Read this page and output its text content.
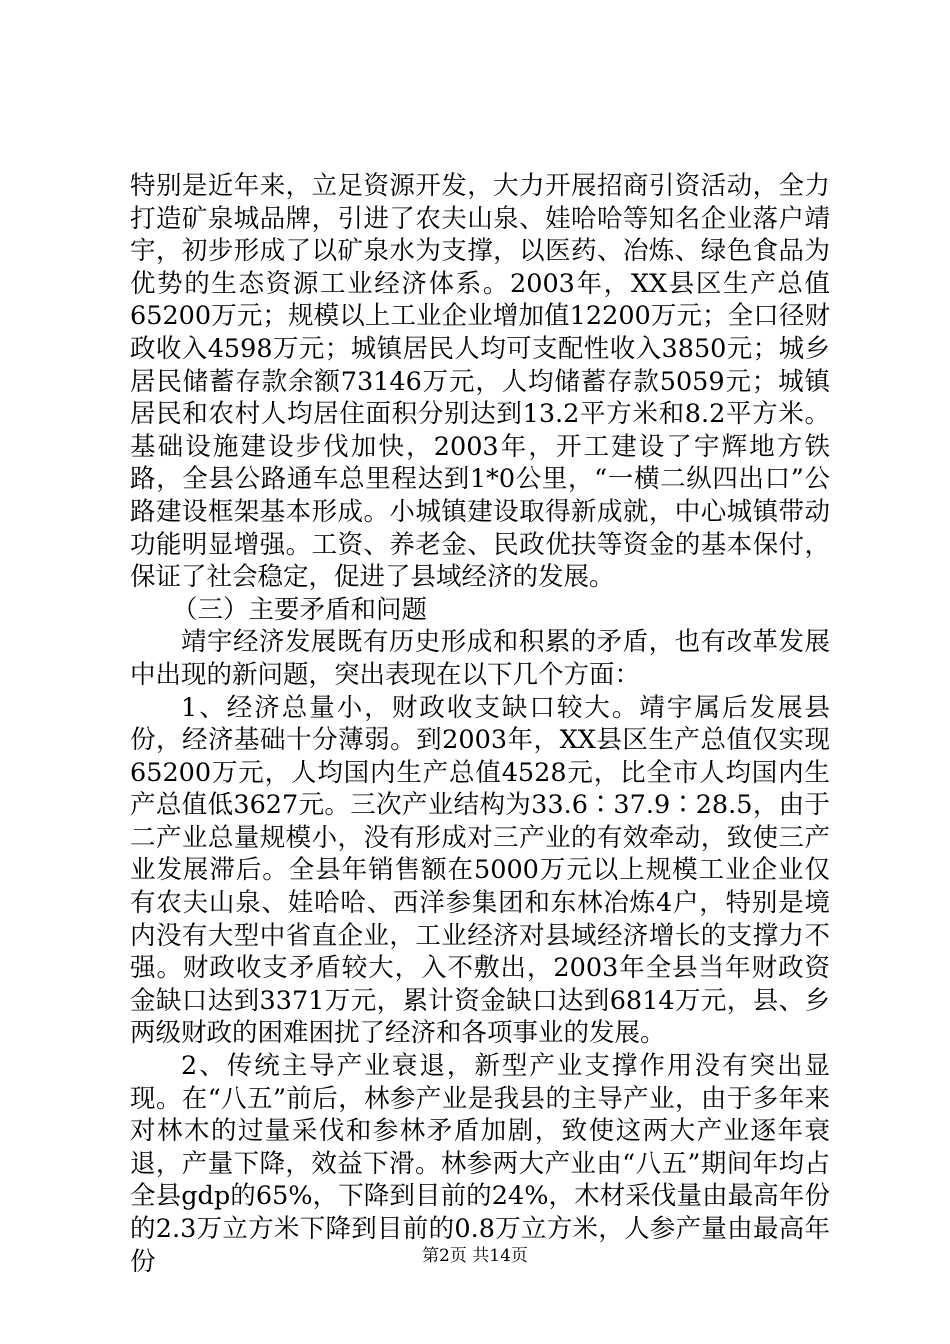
特别是近年来，立足资源开发，大力开展招商引资活动，全力打造矿泉城品牌，引进了农夫山泉、娃哈哈等知名企业落户靖宇，初步形成了以矿泉水为支撑，以医药、冶炼、绿色食品为优势的生态资源工业经济体系。2003年，XX县区生产总值65200万元；规模以上工业企业增加值12200万元；全口径财政收入4598万元；城镇居民人均可支配性收入3850元；城乡居民储蓄存款余额73146万元，人均储蓄存款5059元；城镇居民和农村人均居住面积分别达到13.2平方米和8.2平方米。基础设施建设步伐加快，2003年，开工建设了宇辉地方铁路，全县公路通车总里程达到1*0公里，“一横二纵四出口”公路建设框架基本形成。小城镇建设取得新成就，中心城镇带动功能明显增强。工资、养老金、民政优扶等资金的基本保付，保证了社会稳定，促进了县域经济的发展。

（三）主要矛盾和问题

靖宇经济发展既有历史形成和积累的矛盾，也有改革发展中出现的新问题，突出表现在以下几个方面：

1、经济总量小，财政收支缺口较大。靖宇属后发展县份，经济基础十分薄弱。到2003年，XX县区生产总值仅实现65200万元，人均国内生产总值4528元，比全市人均国内生产总值低3627元。三次产业结构为33.6∶37.9∶28.5，由于二产业总量规模小，没有形成对三产业的有效牵动，致使三产业发展滞后。全县年销售额在5000万元以上规模工业企业仅有农夫山泉、娃哈哈、西洋参集团和东林冶炼4户，特别是境内没有大型中省直企业，工业经济对县域经济增长的支撑力不强。财政收支矛盾较大，入不敷出，2003年全县当年财政资金缺口达到3371万元，累计资金缺口达到6814万元，县、乡两级财政的困难困扰了经济和各项事业的发展。

2、传统主导产业衰退，新型产业支撑作用没有突出显现。在“八五”前后，林参产业是我县的主导产业，由于多年来对林木的过量采伐和参林矛盾加剧，致使这两大产业逐年衰退，产量下降，效益下滑。林参两大产业由“八五”期间年均占全县gdp的65%，下降到目前的24%，木材采伐量由最高年份的2.3万立方米下降到目前的0.8万立方米，人参产量由最高年份	第2页 共14页
